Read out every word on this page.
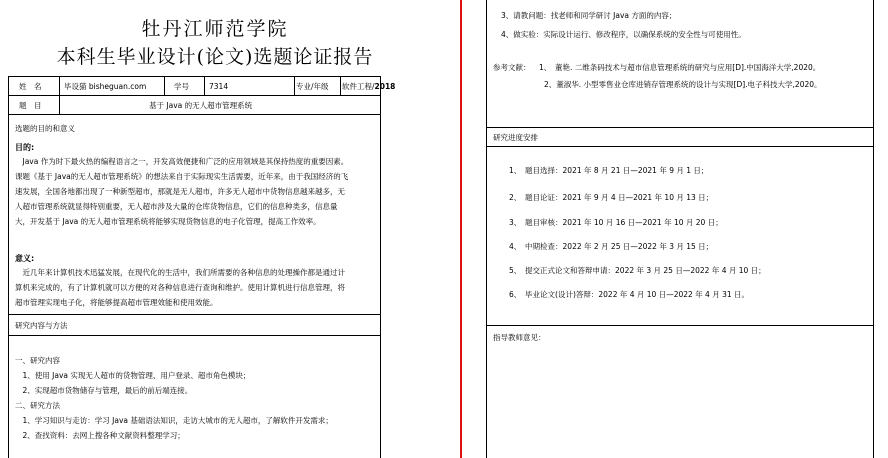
牡丹江师范学院
本科生毕业设计(论文)选题论证报告
姓　名	毕设猫 bisheguan.com	学号	7314	专业/年级 软件工程/2018
题　目	基于 Java 的无人超市管理系统
选题的目的和意义
目的:
　Java 作为时下最火热的编程语言之一，开发高效便捷和广泛的应用领域是其保持热度的重要因素。
课题《基于 Java的无人超市管理系统》的想法来自于实际现实生活需要，近年来，由于我国经济的飞
速发展，全国各地都出现了一种新型超市，那就是无人超市，许多无人超市中货物信息越来越多，无
人超市管理系统就显得特别重要，无人超市涉及大量的仓库货物信息，它们的信息种类多，信息量
大，开发基于 Java 的无人超市管理系统将能够实现货物信息的电子化管理，提高工作效率。
意义:
　近几年来计算机技术迅猛发展，在现代化的生活中，我们所需要的各种信息的处理操作都是通过计
算机来完成的，有了计算机就可以方便的对各种信息进行查询和维护。使用计算机进行信息管理，将
超市管理实现电子化，将能够提高超市管理效能和使用效能。
研究内容与方法
一、研究内容
　1、使用 Java 实现无人超市的货物管理、用户登录、超市角色模块；
　2、实现超市货物储存与管理，最后的前后端连接。
二、研究方法
　1、学习知识与走访：学习 Java 基础语法知识，走访大城市的无人超市，了解软件开发需求；
　2、查找资料：去网上搜各种文献资料整理学习；
3、请教问题：找老师和同学研讨 Java 方面的内容；
4、做实验：实际设计运行、修改程序，以确保系统的安全性与可使用性。
参考文献： 1、　董艳. 二维条码技术与超市信息管理系统的研究与应用[D].中国海洋大学,2020。
2、董淑华. 小型零售业仓库进销存管理系统的设计与实现[D].电子科技大学,2020。
研究进度安排
1、　题目选择：2021 年 8 月 21 日—2021 年 9 月 1 日；
2、　题目论证：2021 年 9 月 4 日—2021 年 10 月 13 日；
3、　题目审核：2021 年 10 月 16 日—2021 年 10 月 20 日；
4、　中期检查：2022 年 2 月 25 日—2022 年 3 月 15 日；
5、　提交正式论文和答辩申请：2022 年 3 月 25 日—2022 年 4 月 10 日；
6、　毕业论文(设计)答辩：2022 年 4 月 10 日—2022 年 4 月 31 日。
指导教师意见：
